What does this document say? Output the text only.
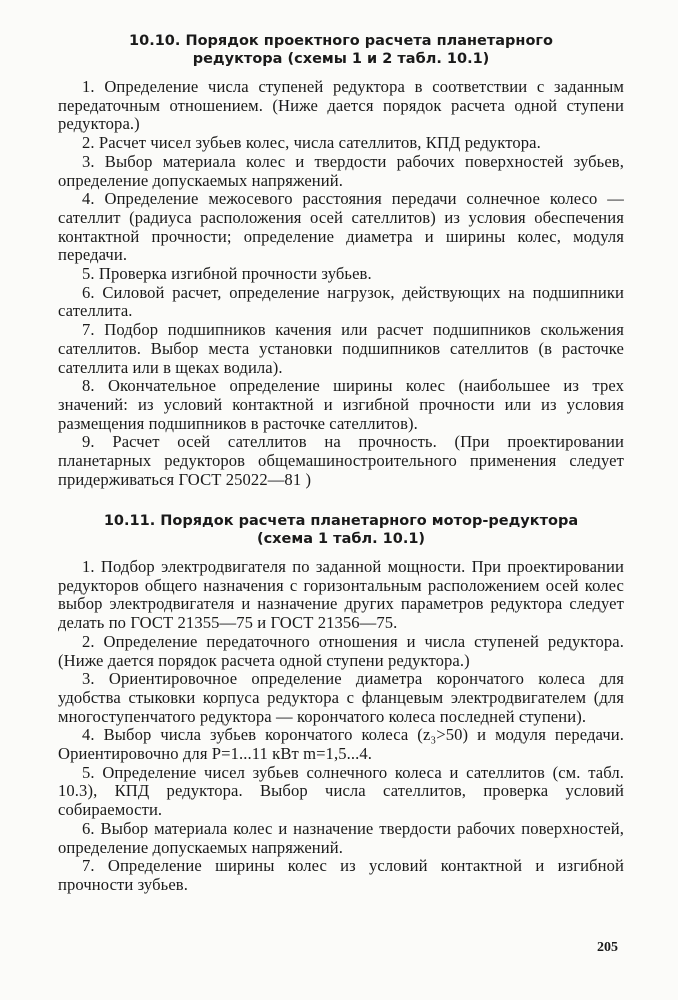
10.10. Порядок проектного расчета планетарного
редуктора (схемы 1 и 2 табл. 10.1)

1. Определение числа ступеней редуктора в соответствии с заданным передаточным отношением. (Ниже дается порядок расчета одной ступени редуктора.)

2. Расчет чисел зубьев колес, числа сателлитов, КПД редуктора.

3. Выбор материала колес и твердости рабочих поверхностей зубьев, определение допускаемых напряжений.

4. Определение межосевого расстояния передачи солнечное колесо — сателлит (радиуса расположения осей сателлитов) из условия обеспечения контактной прочности; определение диаметра и ширины колес, модуля передачи.

5. Проверка изгибной прочности зубьев.

6. Силовой расчет, определение нагрузок, действующих на подшипники сателлита.

7. Подбор подшипников качения или расчет подшипников скольжения сателлитов. Выбор места установки подшипников сателлитов (в расточке сателлита или в щеках водила).

8. Окончательное определение ширины колес (наибольшее из трех значений: из условий контактной и изгибной прочности или из условия размещения подшипников в расточке сателлитов).

9. Расчет осей сателлитов на прочность. (При проектировании планетарных редукторов общемашиностроительного применения следует придерживаться ГОСТ 25022—81 )

10.11. Порядок расчета планетарного мотор-редуктора
(схема 1 табл. 10.1)

1. Подбор электродвигателя по заданной мощности. При проектировании редукторов общего назначения с горизонтальным расположением осей колес выбор электродвигателя и назначение других параметров редуктора следует делать по ГОСТ 21355—75 и ГОСТ 21356—75.

2. Определение передаточного отношения и числа ступеней редуктора. (Ниже дается порядок расчета одной ступени редуктора.)

3. Ориентировочное определение диаметра корончатого колеса для удобства стыковки корпуса редуктора с фланцевым электродвигателем (для многоступенчатого редуктора — корончатого колеса последней ступени).

4. Выбор числа зубьев корончатого колеса (z₃>50) и модуля передачи. Ориентировочно для P=1...11 кВт m=1,5...4.

5. Определение чисел зубьев солнечного колеса и сателлитов (см. табл. 10.3), КПД редуктора. Выбор числа сателлитов, проверка условий собираемости.

6. Выбор материала колес и назначение твердости рабочих поверхностей, определение допускаемых напряжений.

7. Определение ширины колес из условий контактной и изгибной прочности зубьев.

205
